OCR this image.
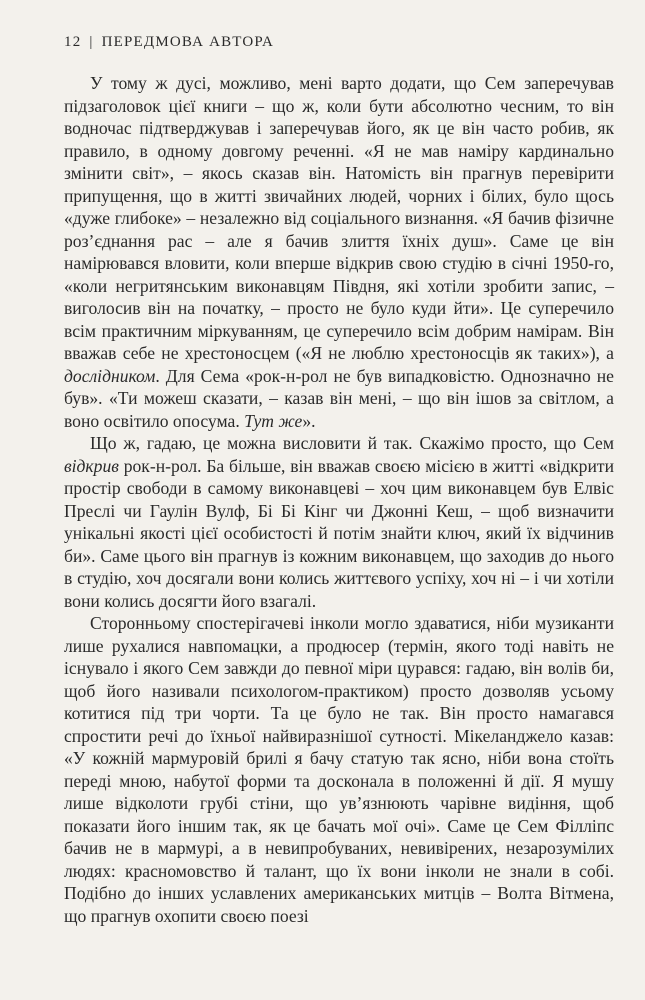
12 | ПЕРЕДМОВА АВТОРА

У тому ж дусі, можливо, мені варто додати, що Сем заперечував підзаголовок цієї книги – що ж, коли бути абсолютно чесним, то він водночас підтверджував і заперечував його, як це він часто робив, як правило, в одному довгому реченні. «Я не мав наміру кардинально змінити світ», – якось сказав він. Натомість він прагнув перевірити припущення, що в житті звичайних людей, чорних і білих, було щось «дуже глибоке» – незалежно від соціального визнання. «Я бачив фізичне роз’єднання рас – але я бачив злиття їхніх душ». Саме це він намірювався вловити, коли вперше відкрив свою студію в січні 1950-го, «коли негритянським виконавцям Півдня, які хотіли зробити запис, – виголосив він на початку, – просто не було куди йти». Це суперечило всім практичним міркуванням, це суперечило всім добрим намірам. Він вважав себе не хрестоносцем («Я не люблю хрестоносців як таких»), а дослідником. Для Сема «рок-н-рол не був випадковістю. Однозначно не був». «Ти можеш сказати, – казав він мені, – що він ішов за світлом, а воно освітило опосума. Тут же».

Що ж, гадаю, це можна висловити й так. Скажімо просто, що Сем відкрив рок-н-рол. Ба більше, він вважав своєю місією в житті «відкрити простір свободи в самому виконавцеві – хоч цим виконавцем був Елвіс Преслі чи Гаулін Вулф, Бі Бі Кінг чи Джонні Кеш, – щоб визначити унікальні якості цієї особистості й потім знайти ключ, який їх відчинив би». Саме цього він прагнув із кожним виконавцем, що заходив до нього в студію, хоч досягали вони колись життєвого успіху, хоч ні – і чи хотіли вони колись досягти його взагалі.

Сторонньому спостерігачеві інколи могло здаватися, ніби музиканти лише рухалися навпомацки, а продюсер (термін, якого тоді навіть не існувало і якого Сем завжди до певної міри цурався: гадаю, він волів би, щоб його називали психологом-практиком) просто дозволяв усьому котитися під три чорти. Та це було не так. Він просто намагався спростити речі до їхньої найвиразнішої сутності. Мікеланджело казав: «У кожній мармуровій брилі я бачу статую так ясно, ніби вона стоїть переді мною, набутої форми та досконала в положенні й дії. Я мушу лише відколоти грубі стіни, що ув’язнюють чарівне видіння, щоб показати його іншим так, як це бачать мої очі». Саме це Сем Філліпс бачив не в мармурі, а в невипробуваних, невивірених, незарозумілих людях: красномовство й талант, що їх вони інколи не знали в собі. Подібно до інших уславлених американських митців – Волта Вітмена, що прагнув охопити своєю поезі
